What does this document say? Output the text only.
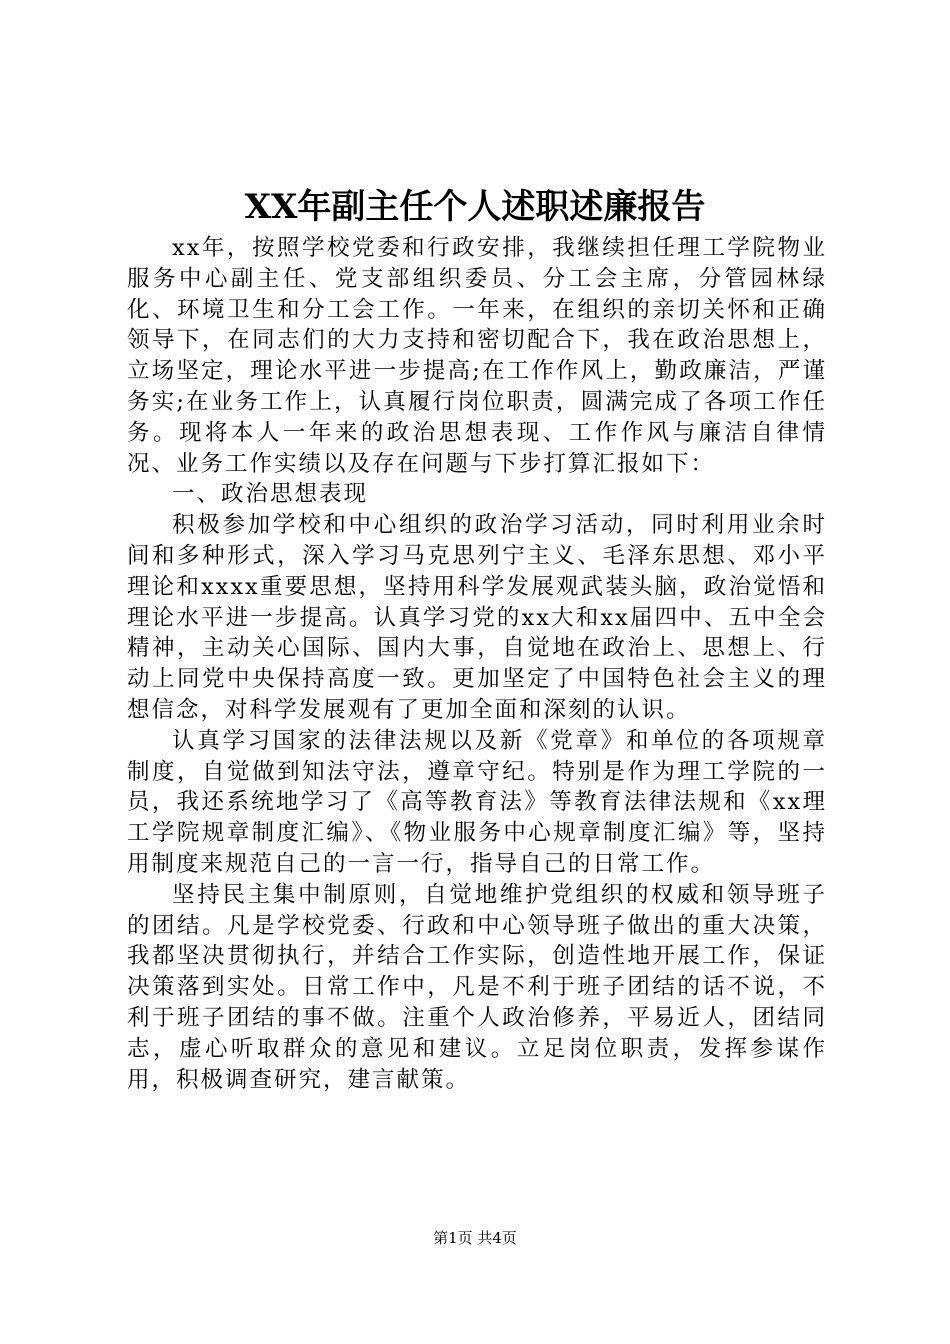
XX年副主任个人述职述廉报告

xx年，按照学校党委和行政安排，我继续担任理工学院物业服务中心副主任、党支部组织委员、分工会主席，分管园林绿化、环境卫生和分工会工作。一年来，在组织的亲切关怀和正确领导下，在同志们的大力支持和密切配合下，我在政治思想上，立场坚定，理论水平进一步提高;在工作作风上，勤政廉洁，严谨务实;在业务工作上，认真履行岗位职责，圆满完成了各项工作任务。现将本人一年来的政治思想表现、工作作风与廉洁自律情况、业务工作实绩以及存在问题与下步打算汇报如下：

一、政治思想表现

积极参加学校和中心组织的政治学习活动，同时利用业余时间和多种形式，深入学习马克思列宁主义、毛泽东思想、邓小平理论和xxxx重要思想，坚持用科学发展观武装头脑，政治觉悟和理论水平进一步提高。认真学习党的xx大和xx届四中、五中全会精神，主动关心国际、国内大事，自觉地在政治上、思想上、行动上同党中央保持高度一致。更加坚定了中国特色社会主义的理想信念，对科学发展观有了更加全面和深刻的认识。

认真学习国家的法律法规以及新《党章》和单位的各项规章制度，自觉做到知法守法，遵章守纪。特别是作为理工学院的一员，我还系统地学习了《高等教育法》等教育法律法规和《xx理工学院规章制度汇编》、《物业服务中心规章制度汇编》等，坚持用制度来规范自己的一言一行，指导自己的日常工作。

坚持民主集中制原则，自觉地维护党组织的权威和领导班子的团结。凡是学校党委、行政和中心领导班子做出的重大决策，我都坚决贯彻执行，并结合工作实际，创造性地开展工作，保证决策落到实处。日常工作中，凡是不利于班子团结的话不说，不利于班子团结的事不做。注重个人政治修养，平易近人，团结同志，虚心听取群众的意见和建议。立足岗位职责，发挥参谋作用，积极调查研究，建言献策。

第1页 共4页
